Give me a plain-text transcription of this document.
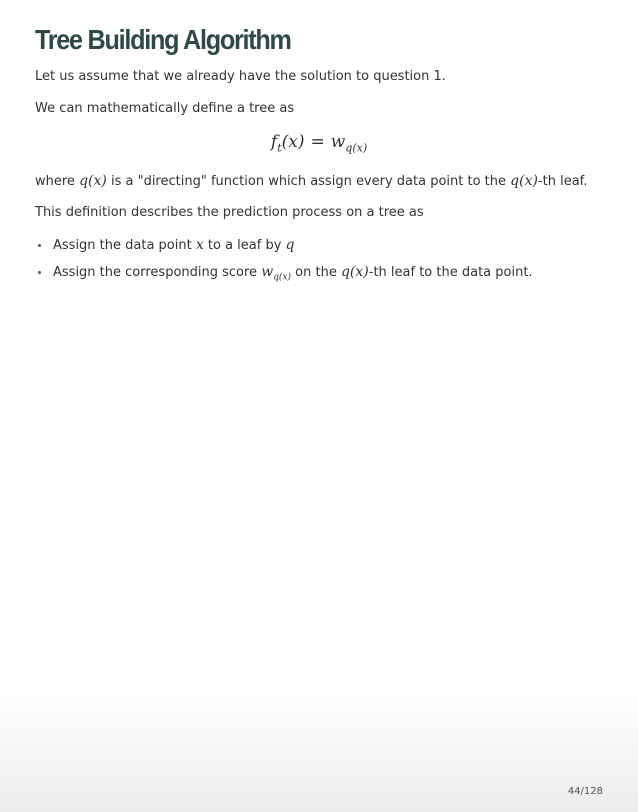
Tree Building Algorithm

Let us assume that we already have the solution to question 1.

We can mathematically define a tree as

$f_t(x) = w_{q(x)}$

where q(x) is a "directing" function which assign every data point to the q(x)-th leaf.

This definition describes the prediction process on a tree as

Assign the data point x to a leaf by q
Assign the corresponding score $w_{q(x)}$ on the q(x)-th leaf to the data point.
44/128
